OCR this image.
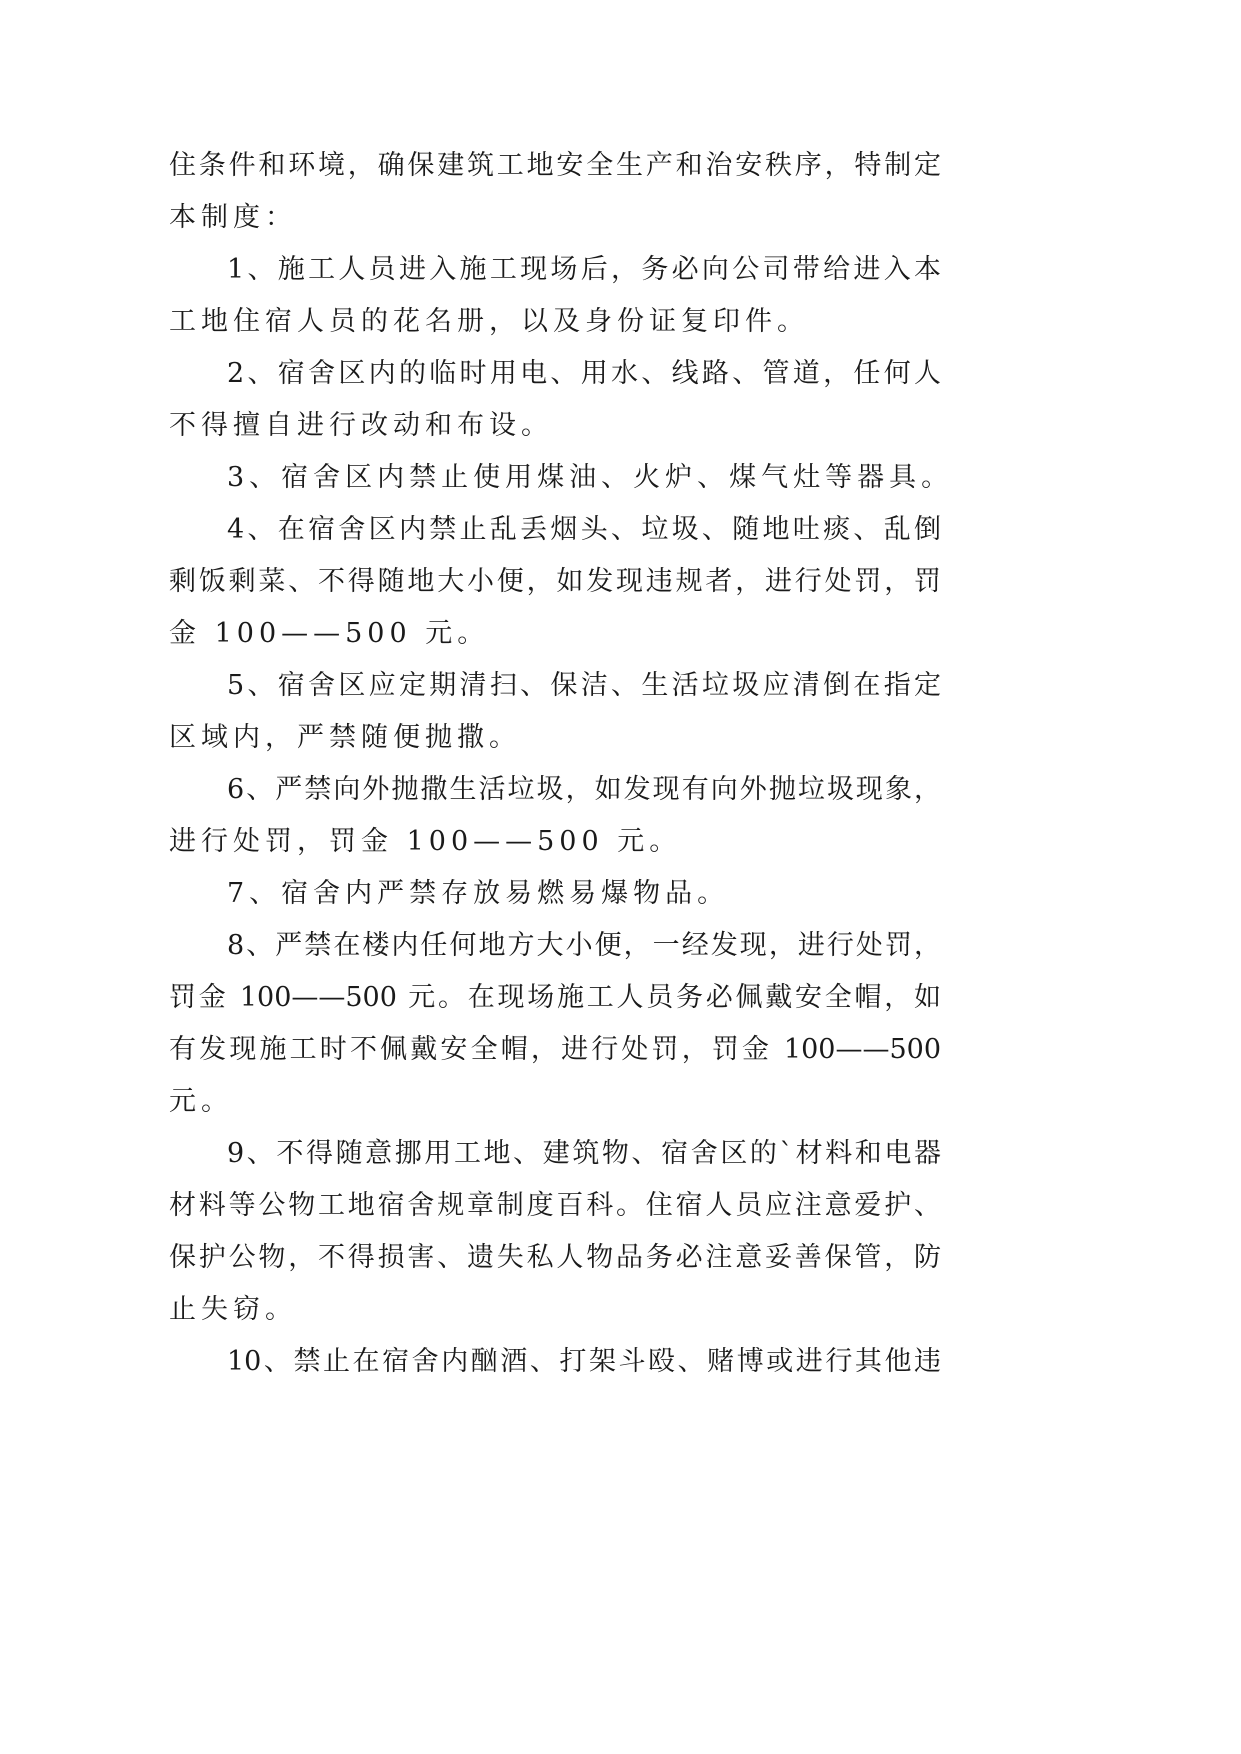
住条件和环境，确保建筑工地安全生产和治安秩序，特制定
本制度：
1、施工人员进入施工现场后，务必向公司带给进入本
工地住宿人员的花名册，以及身份证复印件。
2、宿舍区内的临时用电、用水、线路、管道，任何人
不得擅自进行改动和布设。
3、宿舍区内禁止使用煤油、火炉、煤气灶等器具。
4、在宿舍区内禁止乱丢烟头、垃圾、随地吐痰、乱倒
剩饭剩菜、不得随地大小便，如发现违规者，进行处罚，罚
金 100——500 元。
5、宿舍区应定期清扫、保洁、生活垃圾应清倒在指定
区域内，严禁随便抛撒。
6、严禁向外抛撒生活垃圾，如发现有向外抛垃圾现象，
进行处罚，罚金 100——500 元。
7、宿舍内严禁存放易燃易爆物品。
8、严禁在楼内任何地方大小便，一经发现，进行处罚，
罚金 100——500 元。在现场施工人员务必佩戴安全帽，如
有发现施工时不佩戴安全帽，进行处罚，罚金 100——500
元。
9、不得随意挪用工地、建筑物、宿舍区的`材料和电器
材料等公物工地宿舍规章制度百科。住宿人员应注意爱护、
保护公物，不得损害、遗失私人物品务必注意妥善保管，防
止失窃。
10、禁止在宿舍内酗酒、打架斗殴、赌博或进行其他违
